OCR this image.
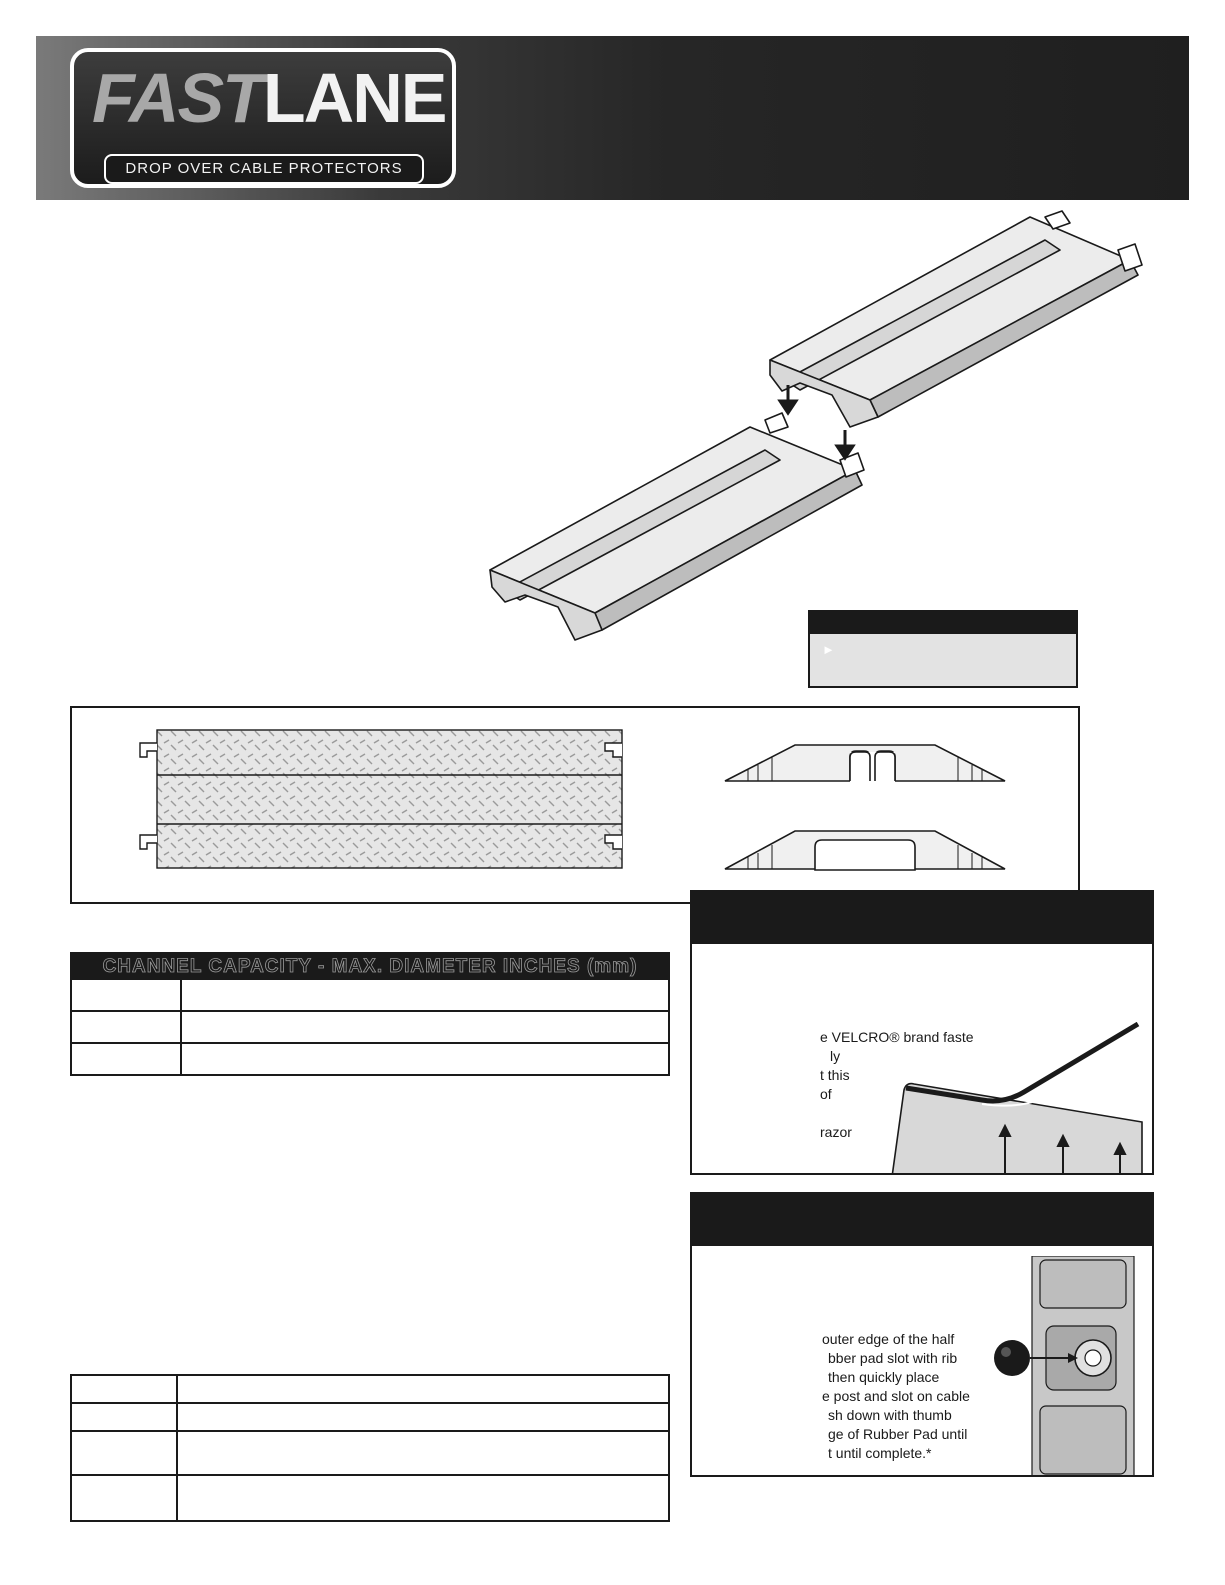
FASTLANE
DROP OVER CABLE PROTECTORS
►
CHANNEL CAPACITY - MAX. DIAMETER INCHES (mm)
e VELCRO® brand faste
ly
t this
of
razor
outer edge of the half
bber pad slot with rib
then quickly place
e post and slot on cable
sh down with thumb
ge of Rubber Pad until
t until complete.*
